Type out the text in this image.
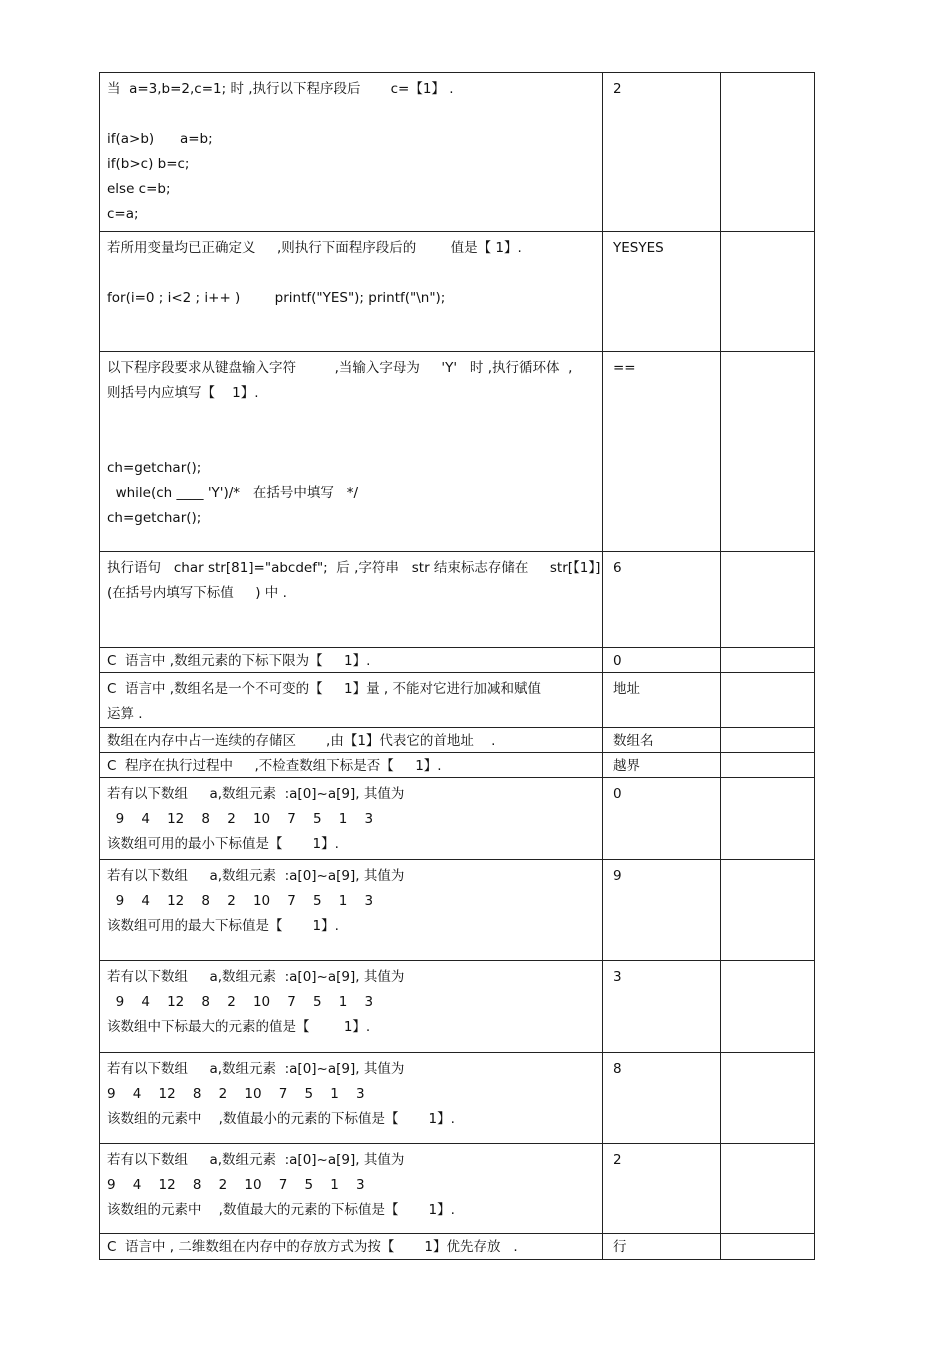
当  a=3,b=2,c=1; 时 ,执行以下程序段后       c=【1】 .

if(a>b)      a=b;
if(b>c) b=c;
else c=b;
c=a;	2	

若所用变量均已正确定义     ,则执行下面程序段后的        值是【 1】.

for(i=0 ; i<2 ; i++ )        printf("YES"); printf("\n");	YESYES	

以下程序段要求从键盘输入字符         ,当输入字母为     'Y'   时 ,执行循环体  ,
则括号内应填写【    1】.

ch=getchar();
while(ch ____ 'Y')/*   在括号中填写   */
ch=getchar();	==	

执行语句   char str[81]="abcdef";  后 ,字符串   str 结束标志存储在     str[【1】]
(在括号内填写下标值     ) 中 .	6	

C  语言中 ,数组元素的下标下限为【     1】.	0	

C  语言中 ,数组名是一个不可变的【     1】量 , 不能对它进行加减和赋值
运算 .	地址	

数组在内存中占一连续的存储区       ,由【1】代表它的首地址    .	数组名	

C  程序在执行过程中     ,不检查数组下标是否【     1】.	越界	

若有以下数组     a,数组元素  :a[0]~a[9], 其值为
9    4    12    8    2    10    7    5    1    3
该数组可用的最小下标值是【       1】.	0	

若有以下数组     a,数组元素  :a[0]~a[9], 其值为
9    4    12    8    2    10    7    5    1    3
该数组可用的最大下标值是【       1】.	9	

若有以下数组     a,数组元素  :a[0]~a[9], 其值为
9    4    12    8    2    10    7    5    1    3
该数组中下标最大的元素的值是【        1】.	3	

若有以下数组     a,数组元素  :a[0]~a[9], 其值为
9    4    12    8    2    10    7    5    1    3
该数组的元素中    ,数值最小的元素的下标值是【       1】.	8	

若有以下数组     a,数组元素  :a[0]~a[9], 其值为
9    4    12    8    2    10    7    5    1    3
该数组的元素中    ,数值最大的元素的下标值是【       1】.	2	

C  语言中 , 二维数组在内存中的存放方式为按【       1】优先存放   .	行	
